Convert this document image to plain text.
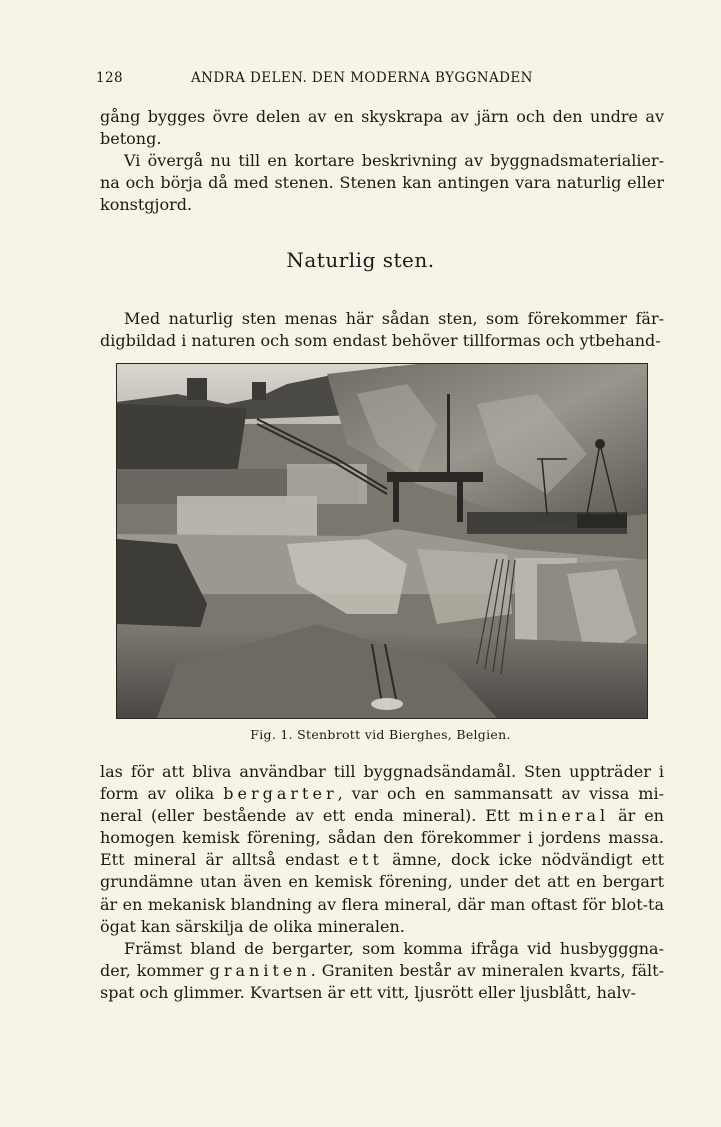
128	ANDRA DELEN. DEN MODERNA BYGGNADEN

gång bygges övre delen av en skyskrapa av järn och den undre av betong.

Vi övergå nu till en kortare beskrivning av byggnadsmaterialier-na och börja då med stenen. Stenen kan antingen vara naturlig eller konstgjord.

Naturlig sten.

Med naturlig sten menas här sådan sten, som förekommer fär-digbildad i naturen och som endast behöver tillformas och ytbehand-

Fig. 1. Stenbrott vid Bierghes, Belgien.

las för att bliva användbar till byggnadsändamål. Sten uppträder i form av olika bergarter, var och en sammansatt av vissa mi-neral (eller bestående av ett enda mineral). Ett mineral är en homogen kemisk förening, sådan den förekommer i jordens massa. Ett mineral är alltså endast ett ämne, dock icke nödvändigt ett grundämne utan även en kemisk förening, under det att en bergart är en mekanisk blandning av flera mineral, där man oftast för blot-ta ögat kan särskilja de olika mineralen.

Främst bland de bergarter, som komma ifråga vid husbygggna-der, kommer graniten. Graniten består av mineralen kvarts, fält-spat och glimmer. Kvartsen är ett vitt, ljusrött eller ljusblått, halv-
